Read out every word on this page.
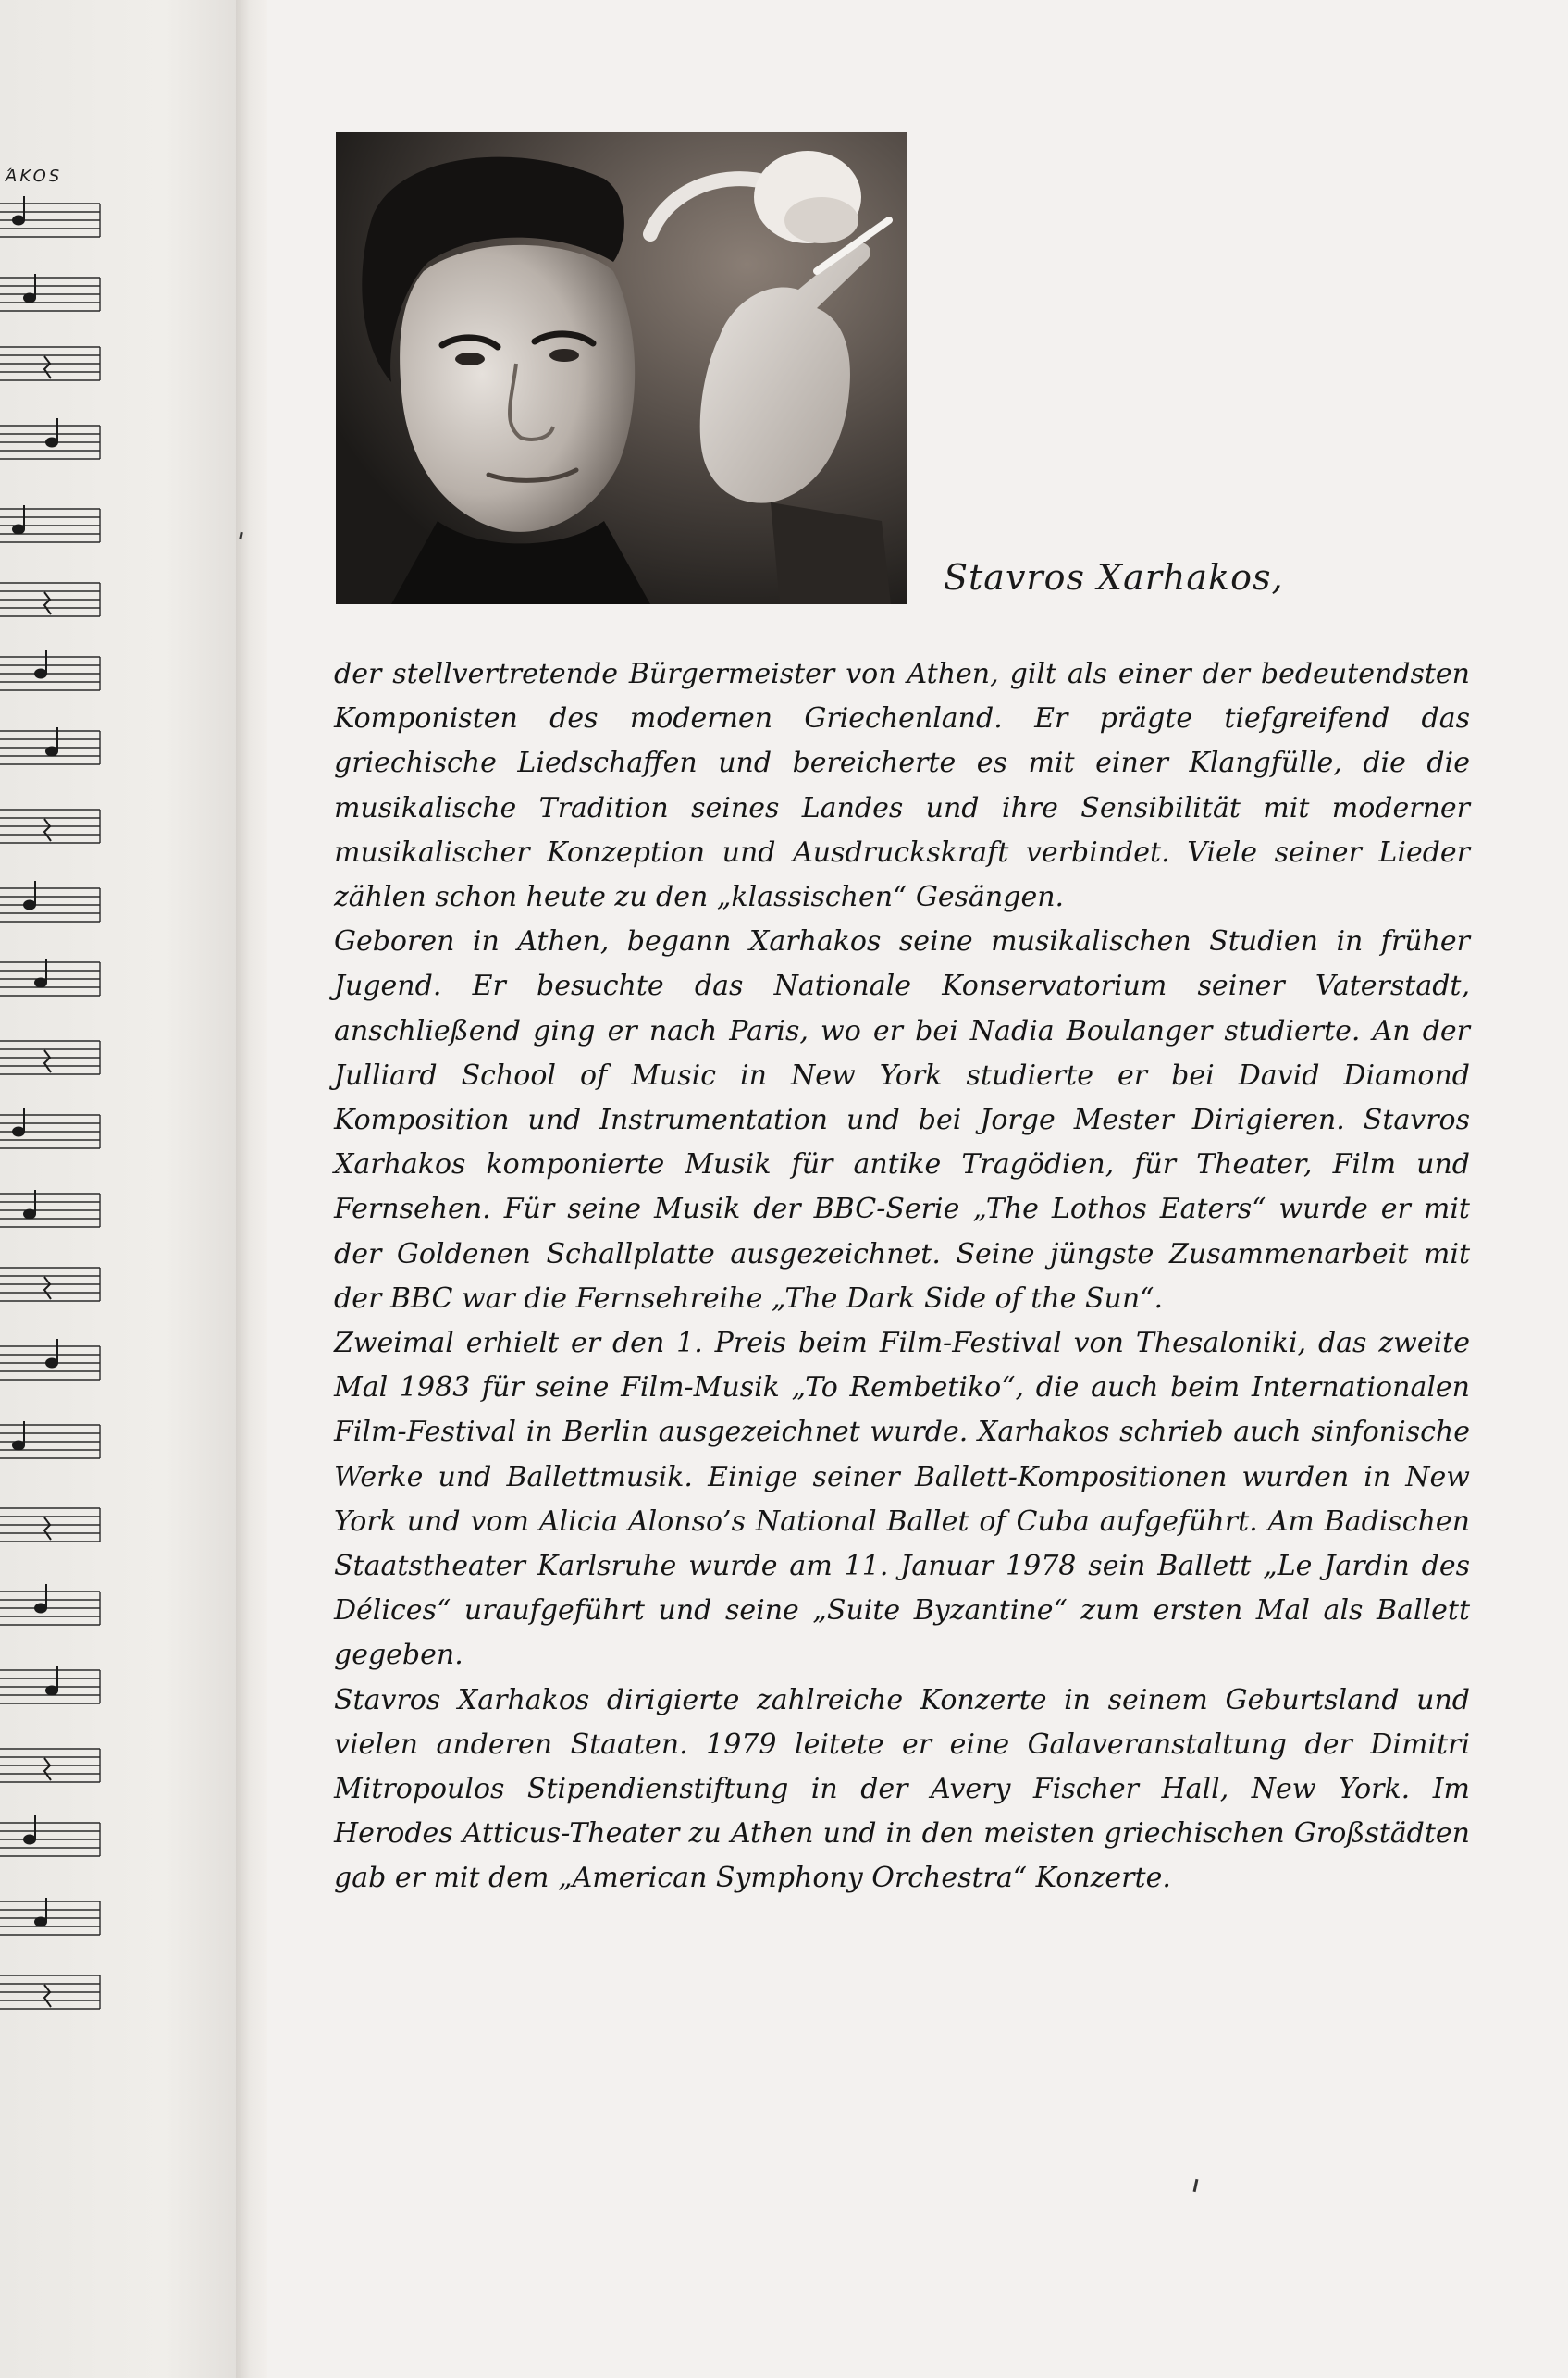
ΆKOS
Stavros Xarhakos,

der stellvertretende Bürgermeister von Athen, gilt als einer der bedeutendsten Komponisten des modernen Griechenland. Er prägte tiefgreifend das griechische Liedschaffen und bereicherte es mit einer Klangfülle, die die musikalische Tradition seines Landes und ihre Sensibilität mit moderner musikalischer Konzeption und Ausdruckskraft verbindet. Viele seiner Lieder zählen schon heute zu den „klassischen“ Gesängen.

Geboren in Athen, begann Xarhakos seine musikalischen Studien in früher Jugend. Er besuchte das Nationale Konservatorium seiner Vaterstadt, anschließend ging er nach Paris, wo er bei Nadia Boulanger studierte. An der Julliard School of Music in New York studierte er bei David Diamond Komposition und Instrumentation und bei Jorge Mester Dirigieren. Stavros Xarhakos komponierte Musik für antike Tragödien, für Theater, Film und Fernsehen. Für seine Musik der BBC-Serie „The Lothos Eaters“ wurde er mit der Goldenen Schallplatte ausgezeichnet. Seine jüngste Zusammenarbeit mit der BBC war die Fernsehreihe „The Dark Side of the Sun“.

Zweimal erhielt er den 1. Preis beim Film-Festival von Thesaloniki, das zweite Mal 1983 für seine Film-Musik „To Rembetiko“, die auch beim Internationalen Film-Festival in Berlin ausgezeichnet wurde. Xarhakos schrieb auch sinfonische Werke und Ballettmusik. Einige seiner Ballett-Kompositionen wurden in New York und vom Alicia Alonso’s National Ballet of Cuba aufgeführt. Am Badischen Staatstheater Karlsruhe wurde am 11. Januar 1978 sein Ballett „Le Jardin des Délices“ uraufgeführt und seine „Suite Byzantine“ zum ersten Mal als Ballett gegeben.

Stavros Xarhakos dirigierte zahlreiche Konzerte in seinem Geburtsland und vielen anderen Staaten. 1979 leitete er eine Galaveranstaltung der Dimitri Mitropoulos Stipendienstiftung in der Avery Fischer Hall, New York. Im Herodes Atticus-Theater zu Athen und in den meisten griechischen Großstädten gab er mit dem „American Symphony Orchestra“ Konzerte.
